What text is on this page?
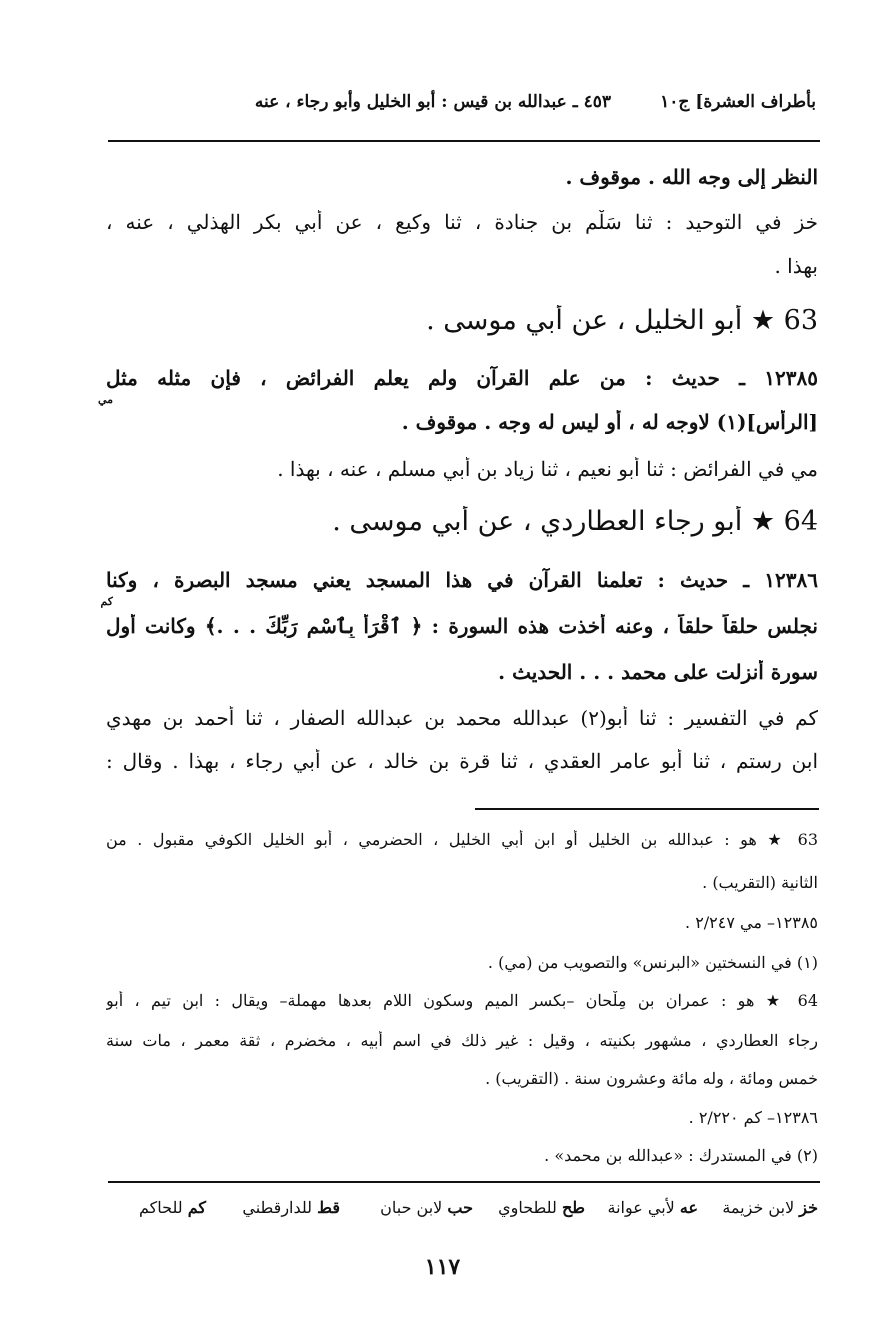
بأطراف العشرة] ج١٠
٤٥٣ ـ عبدالله بن قيس : أبو الخليل وأبو رجاء ، عنه
النظر إلى وجه الله . موقوف .
خز في التوحيد : ثنا سَلْم بن جنادة ، ثنا وكيع ، عن أبي بكر الهذلي ، عنه ،
بهذا .
63 ★ أبو الخليل ، عن أبي موسى .
١٢٣٨٥ ـ حديث : من علم القرآن ولم يعلم الفرائض ، فإن مثله مثل
مي
[الرأس](١) لاوجه له ، أو ليس له وجه . موقوف .
مي في الفرائض : ثنا أبو نعيم ، ثنا زياد بن أبي مسلم ، عنه ، بهذا .
64 ★ أبو رجاء العطاردي ، عن أبي موسى .
١٢٣٨٦ ـ حديث : تعلمنا القرآن في هذا المسجد يعني مسجد البصرة ، وكنا
كم
نجلس حلقاً حلقاً ، وعنه أخذت هذه السورة : ﴿ ٱقْرَأْ بِٱسْمِ رَبِّكَ . . .﴾ وكانت أول
سورة أنزلت على محمد . . . الحديث .
كم في التفسير : ثنا أبو(٢) عبدالله محمد بن عبدالله الصفار ، ثنا أحمد بن مهدي
ابن رستم ، ثنا أبو عامر العقدي ، ثنا قرة بن خالد ، عن أبي رجاء ، بهذا . وقال :
63 ★ هو : عبدالله بن الخليل أو ابن أبي الخليل ، الحضرمي ، أبو الخليل الكوفي مقبول . من
الثانية (التقريب) .
١٢٣٨٥– مي ٢/٢٤٧ .
(١) في النسختين «البرنس» والتصويب من (مي) .
64 ★ هو : عمران بن مِلْحان –بكسر الميم وسكون اللام بعدها مهملة– ويقال : ابن تيم ، أبو
رجاء العطاردي ، مشهور بكنيته ، وقيل : غير ذلك في اسم أبيه ، مخضرم ، ثقة معمر ، مات سنة
خمس ومائة ، وله مائة وعشرون سنة . (التقريب) .
١٢٣٨٦– كم ٢/٢٢٠ .
(٢) في المستدرك : «عبدالله بن محمد» .
خز لابن خزيمة
عه لأبي عوانة
طح للطحاوي
حب لابن حبان
قط للدارقطني
كم للحاكم
١١٧
